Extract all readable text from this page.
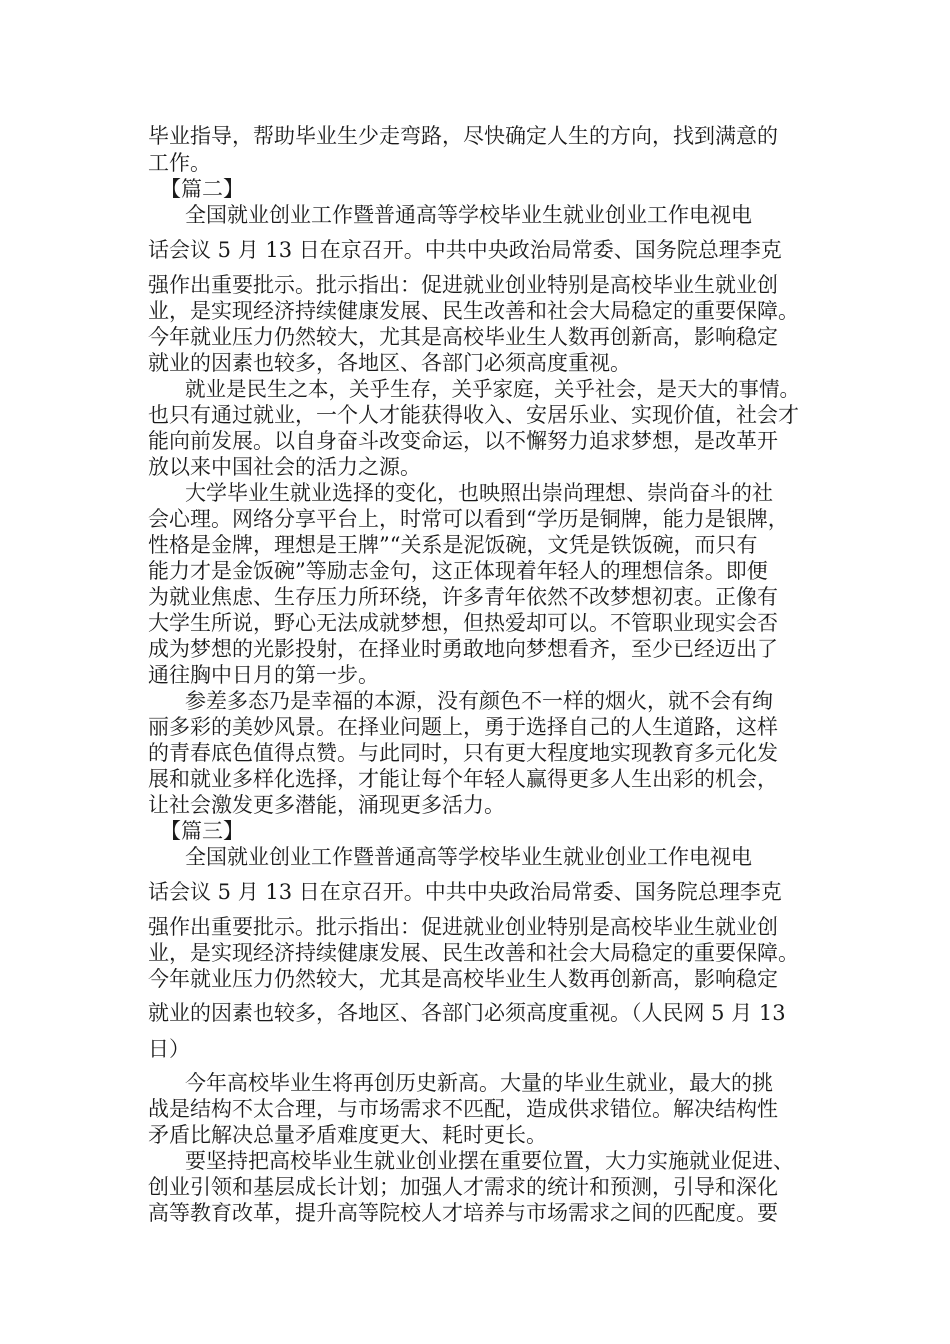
毕业指导，帮助毕业生少走弯路，尽快确定人生的方向，找到满意的

工作。

【篇二】

全国就业创业工作暨普通高等学校毕业生就业创业工作电视电

话会议 5 月 13 日在京召开。中共中央政治局常委、国务院总理李克

强作出重要批示。批示指出：促进就业创业特别是高校毕业生就业创

业，是实现经济持续健康发展、民生改善和社会大局稳定的重要保障。

今年就业压力仍然较大，尤其是高校毕业生人数再创新高，影响稳定

就业的因素也较多，各地区、各部门必须高度重视。

就业是民生之本，关乎生存，关乎家庭，关乎社会，是天大的事情。

也只有通过就业，一个人才能获得收入、安居乐业、实现价值，社会才

能向前发展。以自身奋斗改变命运，以不懈努力追求梦想，是改革开

放以来中国社会的活力之源。

大学毕业生就业选择的变化，也映照出崇尚理想、崇尚奋斗的社

会心理。网络分享平台上，时常可以看到“学历是铜牌，能力是银牌，

性格是金牌，理想是王牌”“关系是泥饭碗，文凭是铁饭碗，而只有

能力才是金饭碗”等励志金句，这正体现着年轻人的理想信条。即便

为就业焦虑、生存压力所环绕，许多青年依然不改梦想初衷。正像有

大学生所说，野心无法成就梦想，但热爱却可以。不管职业现实会否

成为梦想的光影投射，在择业时勇敢地向梦想看齐，至少已经迈出了

通往胸中日月的第一步。

参差多态乃是幸福的本源，没有颜色不一样的烟火，就不会有绚

丽多彩的美妙风景。在择业问题上，勇于选择自己的人生道路，这样

的青春底色值得点赞。与此同时，只有更大程度地实现教育多元化发

展和就业多样化选择，才能让每个年轻人赢得更多人生出彩的机会，

让社会激发更多潜能，涌现更多活力。

【篇三】

全国就业创业工作暨普通高等学校毕业生就业创业工作电视电

话会议 5 月 13 日在京召开。中共中央政治局常委、国务院总理李克

强作出重要批示。批示指出：促进就业创业特别是高校毕业生就业创

业，是实现经济持续健康发展、民生改善和社会大局稳定的重要保障。

今年就业压力仍然较大，尤其是高校毕业生人数再创新高，影响稳定

就业的因素也较多，各地区、各部门必须高度重视。（人民网 5 月 13

日）

今年高校毕业生将再创历史新高。大量的毕业生就业，最大的挑

战是结构不太合理，与市场需求不匹配，造成供求错位。解决结构性

矛盾比解决总量矛盾难度更大、耗时更长。

要坚持把高校毕业生就业创业摆在重要位置，大力实施就业促进、

创业引领和基层成长计划；加强人才需求的统计和预测，引导和深化

高等教育改革，提升高等院校人才培养与市场需求之间的匹配度。要
